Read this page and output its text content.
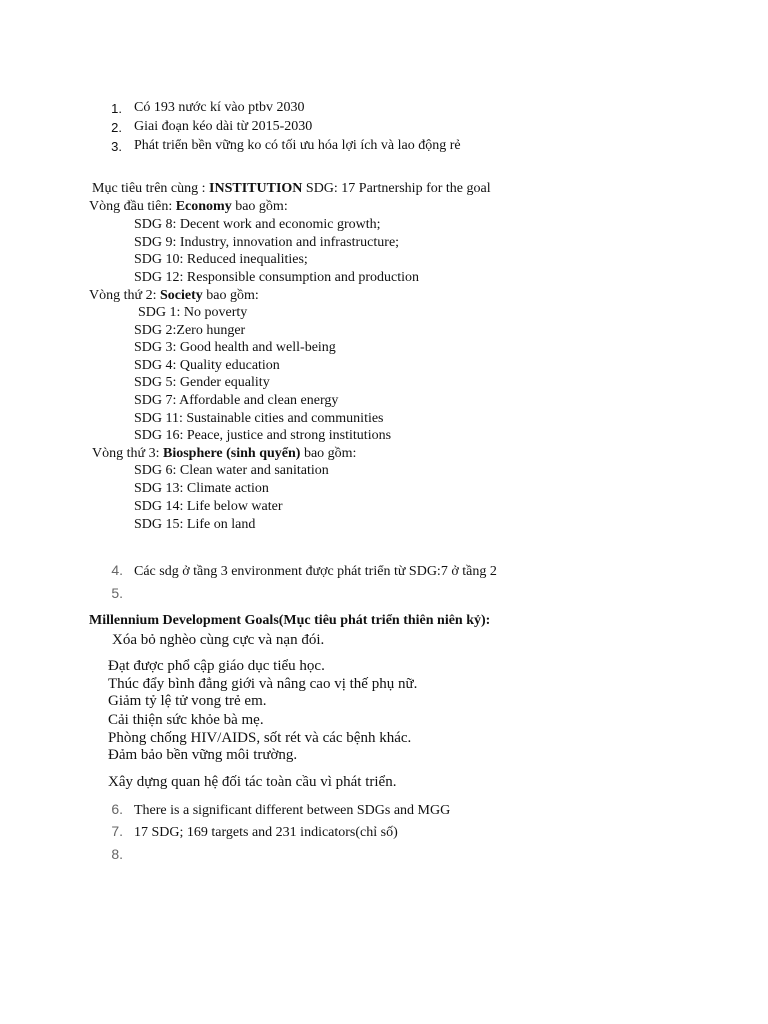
1. Có 193 nước kí vào ptbv 2030
2. Giai đoạn kéo dài từ 2015-2030
3. Phát triển bền vững ko có tối ưu hóa lợi ích và lao động rẻ
Mục tiêu trên cùng : INSTITUTION SDG: 17 Partnership for the goal
Vòng đầu tiên: Economy bao gồm:
SDG 8: Decent work and economic growth;
SDG 9: Industry, innovation and infrastructure;
SDG 10: Reduced inequalities;
SDG 12: Responsible consumption and production
Vòng thứ 2: Society bao gồm:
SDG 1: No poverty
SDG 2:Zero hunger
SDG 3: Good health and well-being
SDG 4: Quality education
SDG 5: Gender equality
SDG 7: Affordable and clean energy
SDG 11: Sustainable cities and communities
SDG 16: Peace, justice and strong institutions
Vòng thứ 3: Biosphere (sinh quyển) bao gồm:
SDG 6: Clean water and sanitation
SDG 13: Climate action
SDG 14: Life below water
SDG 15: Life on land
4. Các sdg ở tầng 3 environment được phát triển từ SDG:7 ở tầng 2
5.
Millennium Development Goals(Mục tiêu phát triển thiên niên kỷ):
Xóa bỏ nghèo cùng cực và nạn đói.
Đạt được phổ cập giáo dục tiểu học.
Thúc đẩy bình đẳng giới và nâng cao vị thế phụ nữ.
Giảm tỷ lệ tử vong trẻ em.
Cải thiện sức khỏe bà mẹ.
Phòng chống HIV/AIDS, sốt rét và các bệnh khác.
Đảm bảo bền vững môi trường.
Xây dựng quan hệ đối tác toàn cầu vì phát triển.
6. There is a significant different between SDGs and MGG
7. 17 SDG; 169 targets and 231 indicators(chỉ số)
8.
